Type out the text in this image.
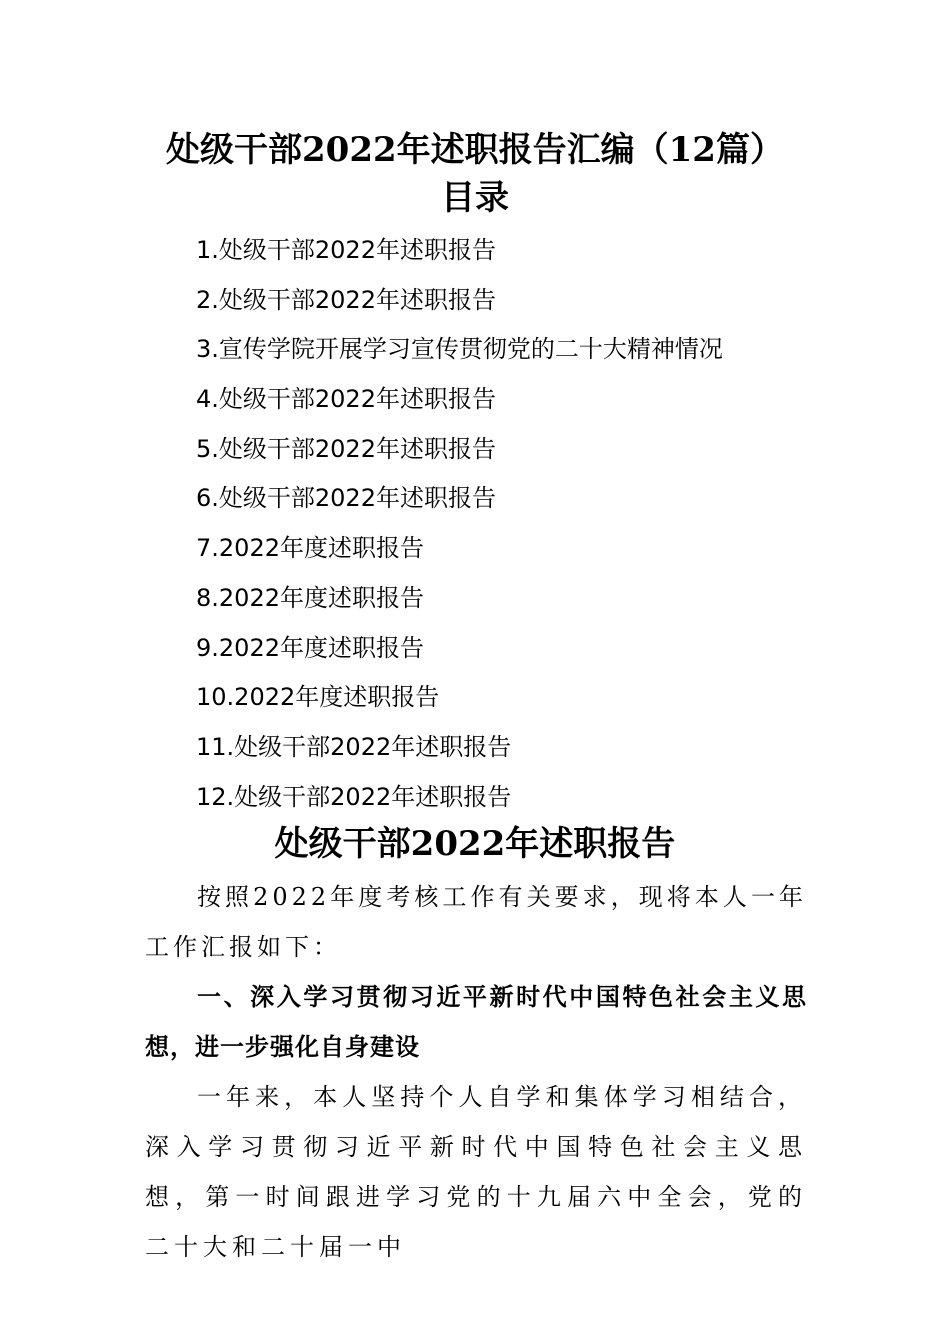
处级干部2022年述职报告汇编（12篇）
目录
1.处级干部2022年述职报告
2.处级干部2022年述职报告
3.宣传学院开展学习宣传贯彻党的二十大精神情况
4.处级干部2022年述职报告
5.处级干部2022年述职报告
6.处级干部2022年述职报告
7.2022年度述职报告
8.2022年度述职报告
9.2022年度述职报告
10.2022年度述职报告
11.处级干部2022年述职报告
12.处级干部2022年述职报告
处级干部2022年述职报告

按照2022年度考核工作有关要求，现将本人一年工作汇报如下：

一、深入学习贯彻习近平新时代中国特色社会主义思想，进一步强化自身建设

一年来，本人坚持个人自学和集体学习相结合，深入学习贯彻习近平新时代中国特色社会主义思想，第一时间跟进学习党的十九届六中全会，党的二十大和二十届一中
